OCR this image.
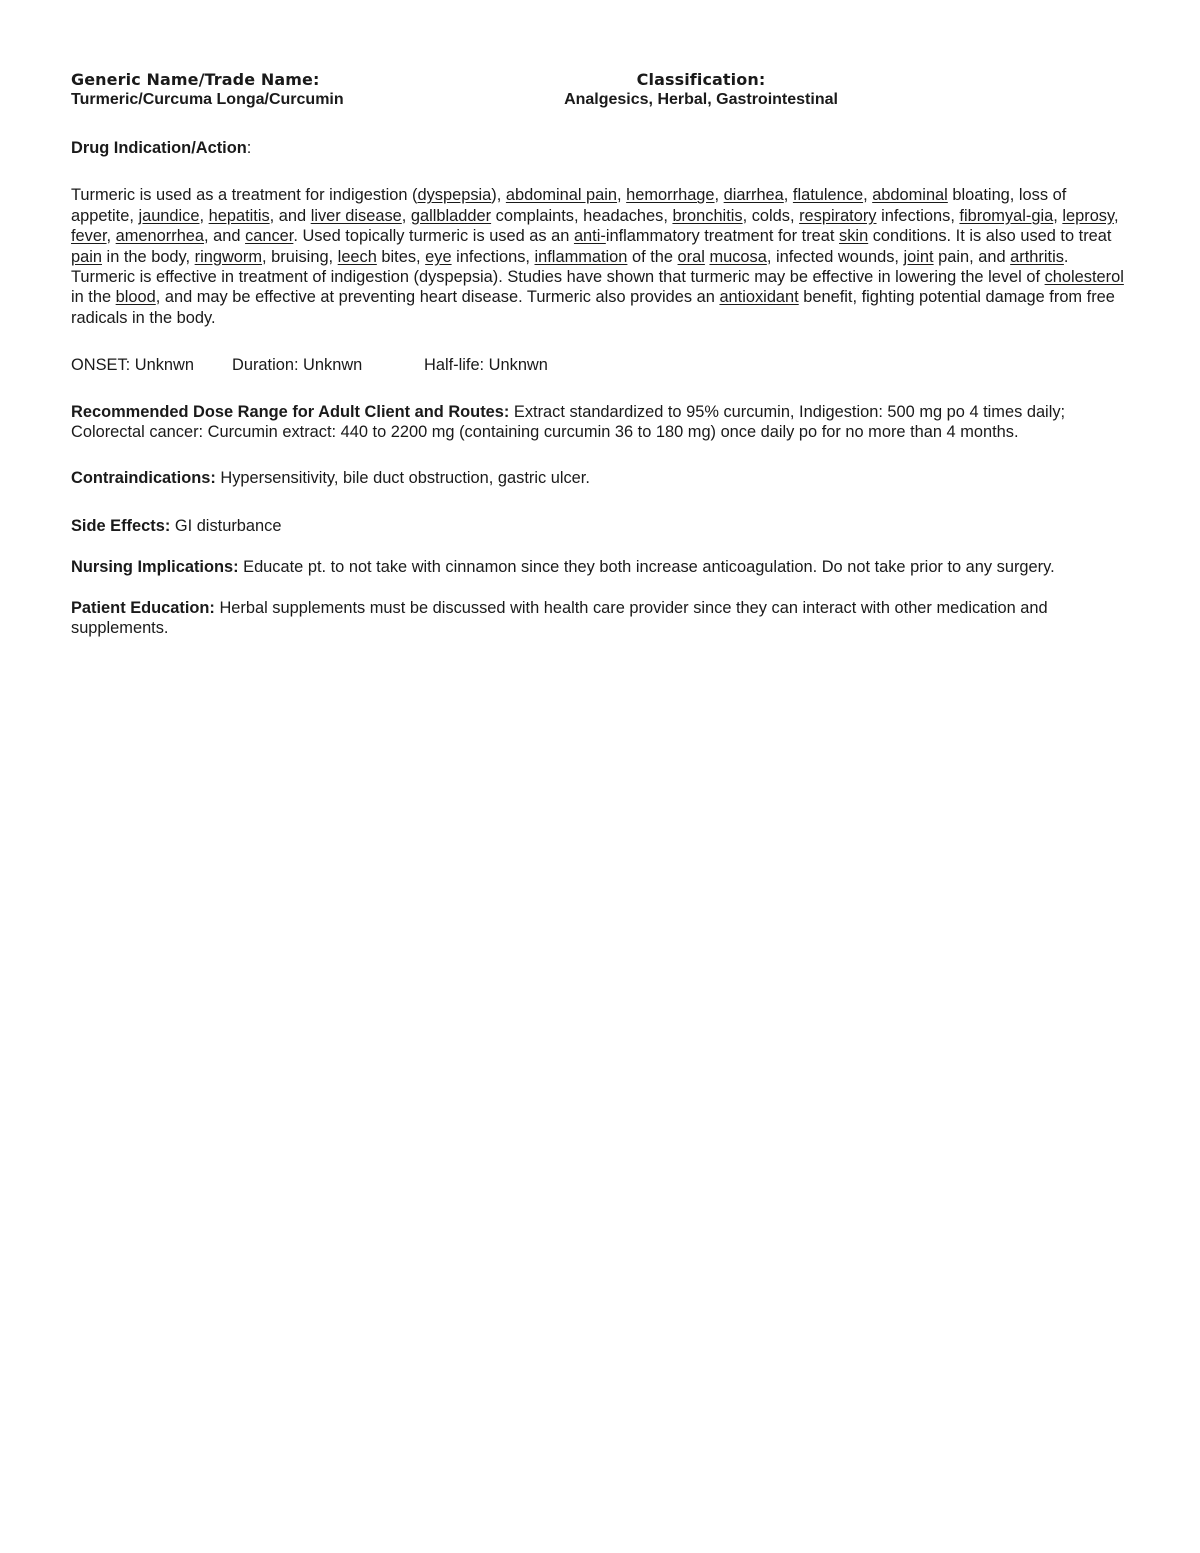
Generic Name/Trade Name:
Turmeric/Curcuma Longa/Curcumin
Classification:
Analgesics, Herbal, Gastrointestinal

Drug Indication/Action:

Turmeric is used as a treatment for indigestion (dyspepsia), abdominal pain, hemorrhage, diarrhea, flatulence, abdominal bloating, loss of appetite, jaundice, hepatitis, and liver disease, gallbladder complaints, headaches, bronchitis, colds, respiratory infections, fibromyal-gia, leprosy, fever, amenorrhea, and cancer. Used topically turmeric is used as an anti-inflammatory treatment for treat skin conditions. It is also used to treat pain in the body, ringworm, bruising, leech bites, eye infections, inflammation of the oral mucosa, infected wounds, joint pain, and arthritis. Turmeric is effective in treatment of indigestion (dyspepsia). Studies have shown that turmeric may be effective in lowering the level of cholesterol in the blood, and may be effective at preventing heart disease. Turmeric also provides an antioxidant benefit, fighting potential damage from free radicals in the body.

ONSET: Unknwn Duration: Unknwn	Half-life: Unknwn

Recommended Dose Range for Adult Client and Routes: Extract standardized to 95% curcumin, Indigestion: 500 mg po 4 times daily; Colorectal cancer: Curcumin extract: 440 to 2200 mg (containing curcumin 36 to 180 mg) once daily po for no more than 4 months.

Contraindications: Hypersensitivity, bile duct obstruction, gastric ulcer.

Side Effects: GI disturbance

Nursing Implications: Educate pt. to not take with cinnamon since they both increase anticoagulation. Do not take prior to any surgery.

Patient Education: Herbal supplements must be discussed with health care provider since they can interact with other medication and supplements.
